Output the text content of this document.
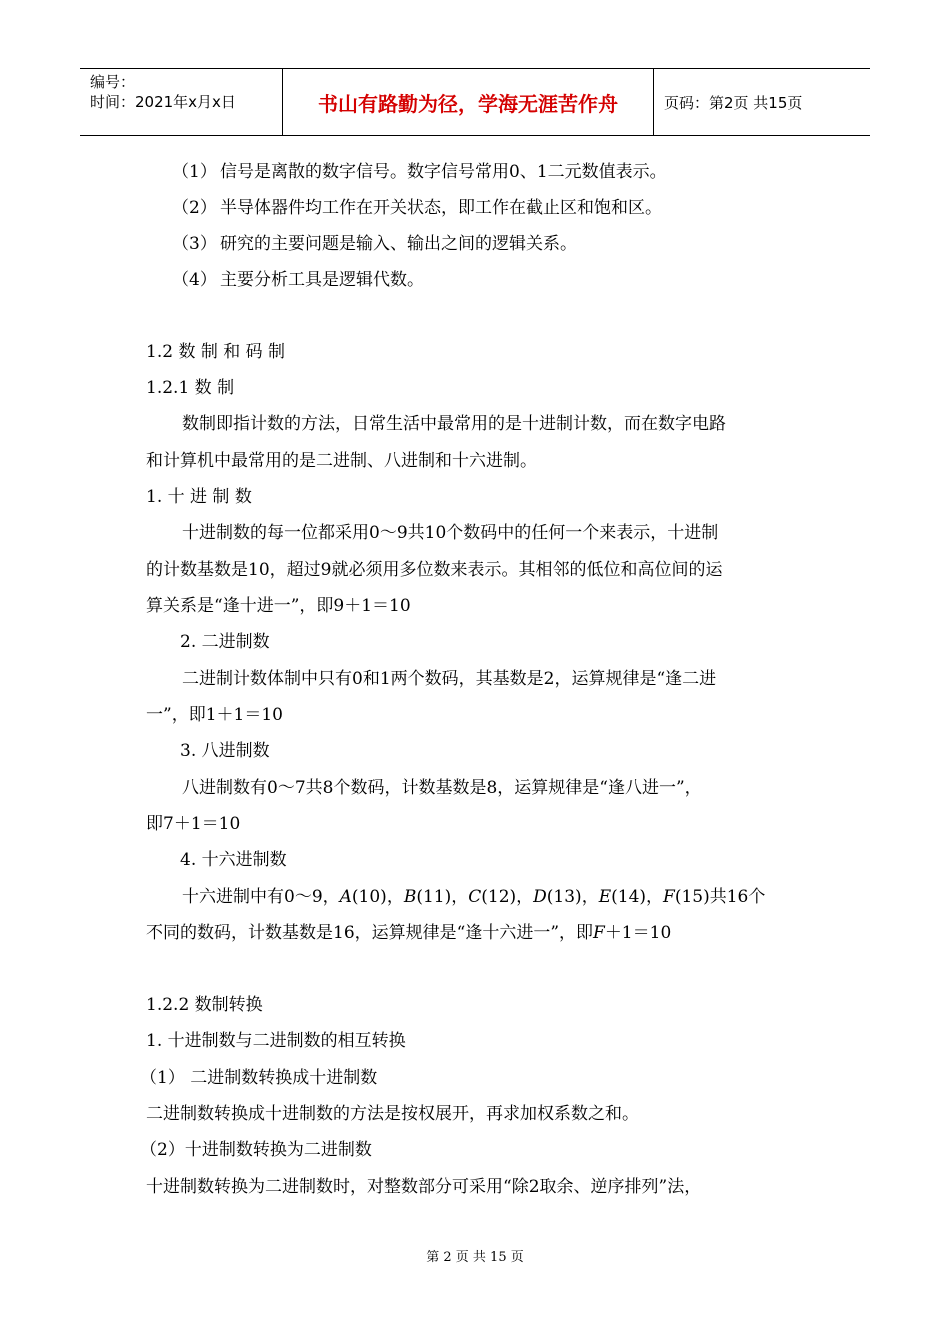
编号：
时间：2021年x月x日	书山有路勤为径，学海无涯苦作舟	页码：第2页 共15页
（1） 信号是离散的数字信号。数字信号常用0、1二元数值表示。
（2） 半导体器件均工作在开关状态，即工作在截止区和饱和区。
（3） 研究的主要问题是输入、输出之间的逻辑关系。
（4） 主要分析工具是逻辑代数。
1.2 数 制 和 码 制
1.2.1 数 制
数制即指计数的方法，日常生活中最常用的是十进制计数，而在数字电路
和计算机中最常用的是二进制、八进制和十六进制。
1. 十 进 制 数
十进制数的每一位都采用0～9共10个数码中的任何一个来表示，十进制
的计数基数是10，超过9就必须用多位数来表示。其相邻的低位和高位间的运
算关系是“逢十进一”，即9＋1＝10
2. 二进制数
二进制计数体制中只有0和1两个数码，其基数是2，运算规律是“逢二进
一”，即1＋1＝10
3. 八进制数
八进制数有0～7共8个数码，计数基数是8，运算规律是“逢八进一”，
即7＋1＝10
4. 十六进制数
十六进制中有0～9，A(10)，B(11)，C(12)，D(13)，E(14)，F(15)共16个
不同的数码，计数基数是16，运算规律是“逢十六进一”，即F＋1＝10
1.2.2 数制转换
1. 十进制数与二进制数的相互转换
（1） 二进制数转换成十进制数
二进制数转换成十进制数的方法是按权展开，再求加权系数之和。
（2）十进制数转换为二进制数
十进制数转换为二进制数时，对整数部分可采用“除2取余、逆序排列”法，
第 2 页 共 15 页
